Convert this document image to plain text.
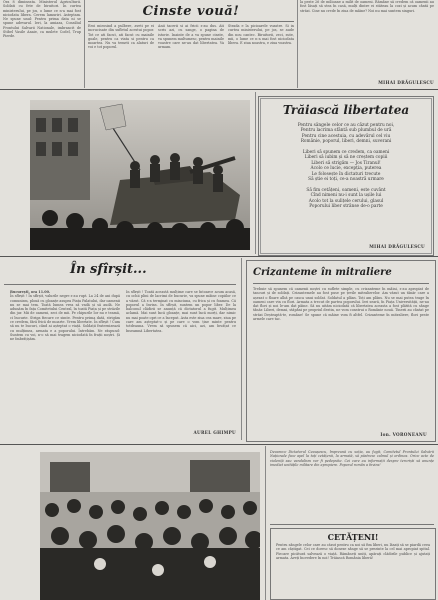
Ora 8 dimineata. Ministerul Agriculturii. Soldati cu fete de biruitori. In curtea ministerului, pe jos, o lume ce n-a mai fost niciodata libera. Cerem lamuriri. Asteptam. Ne spune unul: Pentru prima data ni se spune adevarul. Ieri, la amiaza, Consiliul Frontului Salvarii Nationale, imbrancit de Stibel Vasile Anaie, ca mulete Codel, Trup Pierde.
Cinste vouă!
Eroi mirosind a pulbere, aveti pe ei incrucisate din sufletul acestui popor. Tot ce ati facut, ati facut cu mainile goale, pentru ca viata si pentru ca moartea. Nu va temeti ca alaturi de voi e tot poporul.
Anii tacerii si ai fricii s-au dus. Ati scris azi, cu sange, o pagina de istorie. Inainte de a va spune cinste, va spunem multumesc, pentru mainile voastre care ne-au dat libertatea. Va urmam.
Strada e la picioarele voastre. Si in curtea ministerului, pe jos, se aude din nou cantec. Biruitorii, zeci, sute, mii, o lume ce n-a mai fost niciodata libera. E ziua noastra, e ziua voastra.
la peste 26 de milioane a milit de oameni. Rămâne să credem că oamenii au fost lăsați să stea în casă, mulți dintre ei stăteau la cozi și acum cântă pe străzi. Cine nu crede în ziua de mâine? Noi nu mai suntem singuri.
MIHAI DRĂGULESCU
Trăiască libertatea
Pentru sângele celor ce au căzut pentru noi,
Pentru lacrima sfântă sub plumbul de ură
Pentru cine acestuia, cu adevărul cel viu
Românie, poporul, liberi, demni, suverani

Liberi să spunem ce credem, ca oameni
Liberi să iubim și să ne creștem copiii
Liberi să strigăm — Jos Tiranul!
Acolo ce lucie, excepția, puterea
Le folosește în dictaturi trecute
Să știe ei toți, ce-a noastră urmare

Să fim cetățeni, oameni, este cuvânt
Cînd nimeni nu-i sunt la ușile lui
Acolo tot la sulițele cerului, glasul
Poporului liber strânse de-o parte
MIHAI DRĂGULESCU
În sfîrșit...
București, ora 11.00.
În sfîrșit ! În sfîrșit, valurile negre s-au rupt. La 24 de ani după comunism, plouă cu gloanțe asupra Piața Palatului, dar oamenii nu se mai tem. Toată lumea vrea să vadă și să audă. Ne adunăm în fața Comitetului Central, în toată Piața și pe străzile din jur. Mii de oameni, zeci de mii. Pe chipurile lor nu e teamă, ci bucurie. Striga fiecare ce simte. Pentru prima dată, strigăm ce credem, fără frică de moarte. Vrem libertate. În sfîrșit ! Cum să nu te bucuri, când ai așteptat o viață. Soldații fraternizează cu mulțimea, armata e a poporului. Întrebăm. Ne răspund: Suntem cu voi, n-o să mai tragem niciodată în frații noștri. Și ne îmbrățișăm.
În sfîrșit ! Toată această mulțime care se întoarce acum acasă, cu ochii plini de lacrimi de bucurie, va spune mâine copiilor ce a văzut. Că s-a terminat cu minciuna, cu frica și cu foamea. Că poporul a învins. În sfîrșit, suntem un popor liber. De la balconul clădirii se anunță că dictatorul a fugit. Mulțimea aclamă. Mai sunt încă gloanțe, mai sunt încă morți, dar nimic nu mai poate opri ce a început. Asta este ziua cea mare, ziua pe care am așteptat-o și pe care o vom ține minte pentru totdeauna. Vrem să spunem că aici, azi, am învățat ce înseamnă Libertatea.
AUREL GHIMPU
Crizanteme în mitraliere
Trebuie să spunem că oamenii noștri cu suflete simple, cu crizanteme în mâini, s-au apropiat de tancuri și de soldați. Crizantemele au fost puse pe țevile mitralierelor. Am văzut un tânăr care a așezat o floare albă pe casca unui soldat. Soldatul a plâns. Toți am plâns. Nu se mai putea trage în oameni care vin cu flori. Armata a trecut de partea poporului. Ieri seară, în Piața Universității, ne-au dat flori și noi le-am dat pâine. Să nu uităm niciodată că libertatea aceasta a fost plătită cu sânge tânăr. Liberi, demni, stăpâni pe propriul destin, ne vom construi o Românie nouă. Tinerii au cântat pe străzi Deșteaptă-te, române! Se spune că mâine vom fi altfel. Crizanteme în mitraliere, flori peste armele care tac.
Ion. VORONEANU
Deoarece Dictatorul Ceaușescu, împreună cu soția, au fugit, Comitetul Frontului Salvării Naționale face apel la toți cetățenii, la armată, să păstreze calmul și ordinea. Orice acte de violență sau vandalism vor fi pedepsite. Cei care au informații despre teroriști să anunțe imediat unitățile militare din apropiere. Poporul român a învins!
CETĂȚENI!
Pentru sângele celor care au căzut pentru ca noi să fim liberi, nu lăsați să se piardă ceea ce am câștigat. Cei ce doresc să doneze sânge să se prezinte la cel mai apropiat spital. Fiecare picătură salvează o viață. Rămâneți uniți, apărați clădirile publice și ajutați armata. Aveți încredere în noi! Trăiască România liberă!
